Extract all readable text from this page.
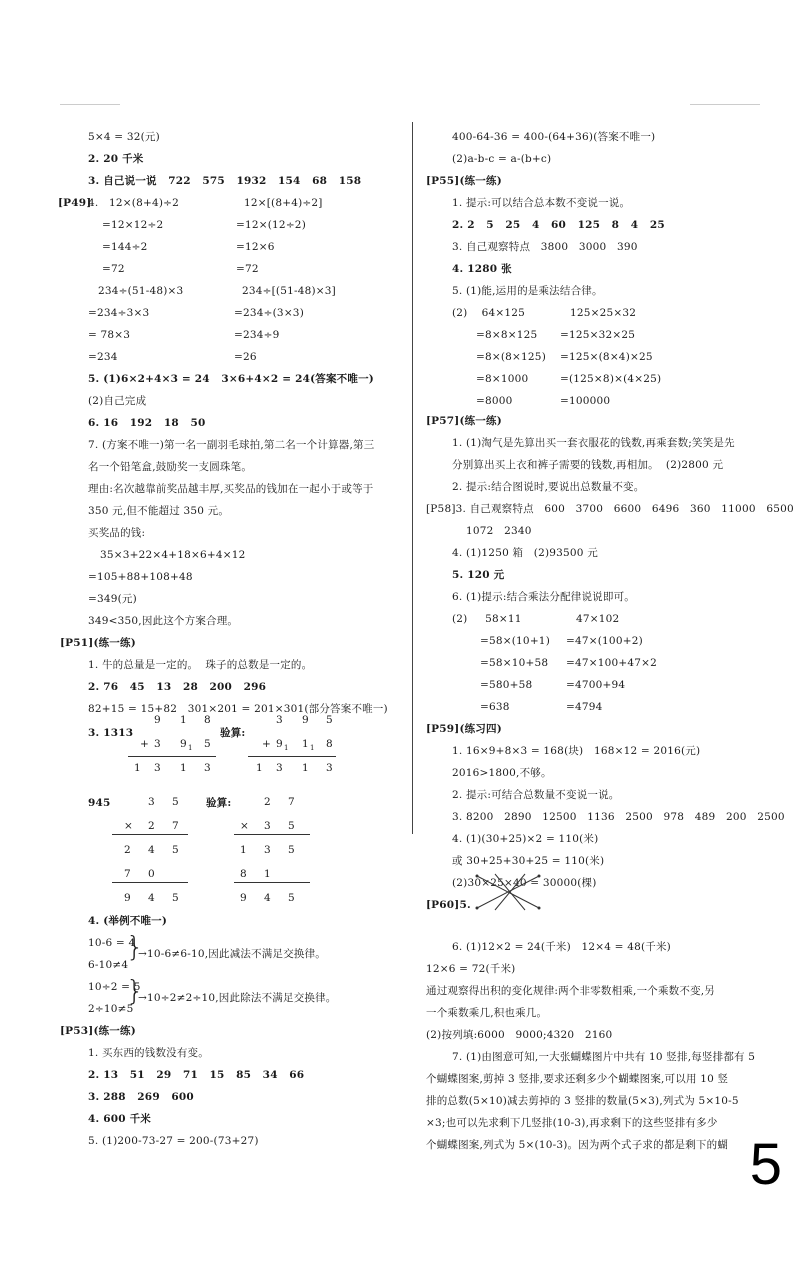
5×4 = 32(元)
2. 20 千米
3. 自己说一说   722   575   1932   154   68   158
[P49]
4.   12×(8+4)÷2	12×[(8+4)÷2]
=12×12÷2	=12×(12÷2)
=144÷2	=12×6
=72	=72
234÷(51-48)×3	234÷[(51-48)×3]
=234÷3×3	=234÷(3×3)
= 78×3	=234÷9
=234	=26
5. (1)6×2+4×3 = 24   3×6+4×2 = 24(答案不唯一)
(2)自己完成
6. 16   192   18   50
7. (方案不唯一)第一名一副羽毛球拍,第二名一个计算器,第三
名一个铅笔盒,鼓励奖一支圆珠笔。
理由:名次越靠前奖品越丰厚,买奖品的钱加在一起小于或等于
350 元,但不能超过 350 元。
买奖品的钱:
35×3+22×4+18×6+4×12
=105+88+108+48
=349(元)
349<350,因此这个方案合理。
[P51](练一练)
1. 牛的总量是一定的。  珠子的总数是一定的。
2. 76   45   13   28   200   296
82+15 = 15+82   301×201 = 201×301(部分答案不唯一)
3. 1313	验算:
9 1 8
+ 3 9 1 5
1 3 1 3
3 9 5
+ 9 1 1 1 8
1 3 1 3
945	验算:
3 5
× 2 7
2 4 5
7 0
9 4 5
2 7
× 3 5
1 3 5
8 1
9 4 5
4. (举例不唯一)
10-6 = 4
6-10≠4
}
→10-6≠6-10,因此减法不满足交换律。
10÷2 = 5
2÷10≠5
}
→10÷2≠2÷10,因此除法不满足交换律。
[P53](练一练)
1. 买东西的钱数没有变。
2. 13   51   29   71   15   85   34   66
3. 288   269   600
4. 600 千米
5. (1)200-73-27 = 200-(73+27)
400-64-36 = 400-(64+36)(答案不唯一)
(2)a-b-c = a-(b+c)
[P55](练一练)
1. 提示:可以结合总本数不变说一说。
2. 2   5   25   4   60   125   8   4   25
3. 自己观察特点   3800   3000   390
4. 1280 张
5. (1)能,运用的是乘法结合律。
(2)    64×125	125×25×32
=8×8×125 =125×32×25
=8×(8×125) =125×(8×4)×25
=8×1000	=(125×8)×(4×25)
=8000	=100000
[P57](练一练)
1. (1)淘气是先算出买一套衣服花的钱数,再乘套数;笑笑是先
分别算出买上衣和裤子需要的钱数,再相加。  (2)2800 元
2. 提示:结合图说时,要说出总数量不变。
[P58]3. 自己观察特点   600   3700   6600   6496   360   11000   6500
1072   2340
4. (1)1250 箱   (2)93500 元
5. 120 元
6. (1)提示:结合乘法分配律说说即可。
(2)     58×11	47×102
=58×(10+1) =47×(100+2)
=58×10+58 =47×100+47×2
=580+58	=4700+94
=638	=4794
[P59](练习四)
1. 16×9+8×3 = 168(块)   168×12 = 2016(元)
2016>1800,不够。
2. 提示:可结合总数量不变说一说。
3. 8200   2890   12500   1136   2500   978   489   200   2500
4. (1)(30+25)×2 = 110(米)
或 30+25+30+25 = 110(米)
(2)30×25×40 = 30000(棵)
[P60]5.
6. (1)12×2 = 24(千米)   12×4 = 48(千米)
12×6 = 72(千米)
通过观察得出积的变化规律:两个非零数相乘,一个乘数不变,另
一个乘数乘几,积也乘几。
(2)按列填:6000   9000;4320   2160
7. (1)由图意可知,一大张蝴蝶图片中共有 10 竖排,每竖排都有 5
个蝴蝶图案,剪掉 3 竖排,要求还剩多少个蝴蝶图案,可以用 10 竖
排的总数(5×10)减去剪掉的 3 竖排的数量(5×3),列式为 5×10-5
×3;也可以先求剩下几竖排(10-3),再求剩下的这些竖排有多少
个蝴蝶图案,列式为 5×(10-3)。因为两个式子求的都是剩下的蝴 5
